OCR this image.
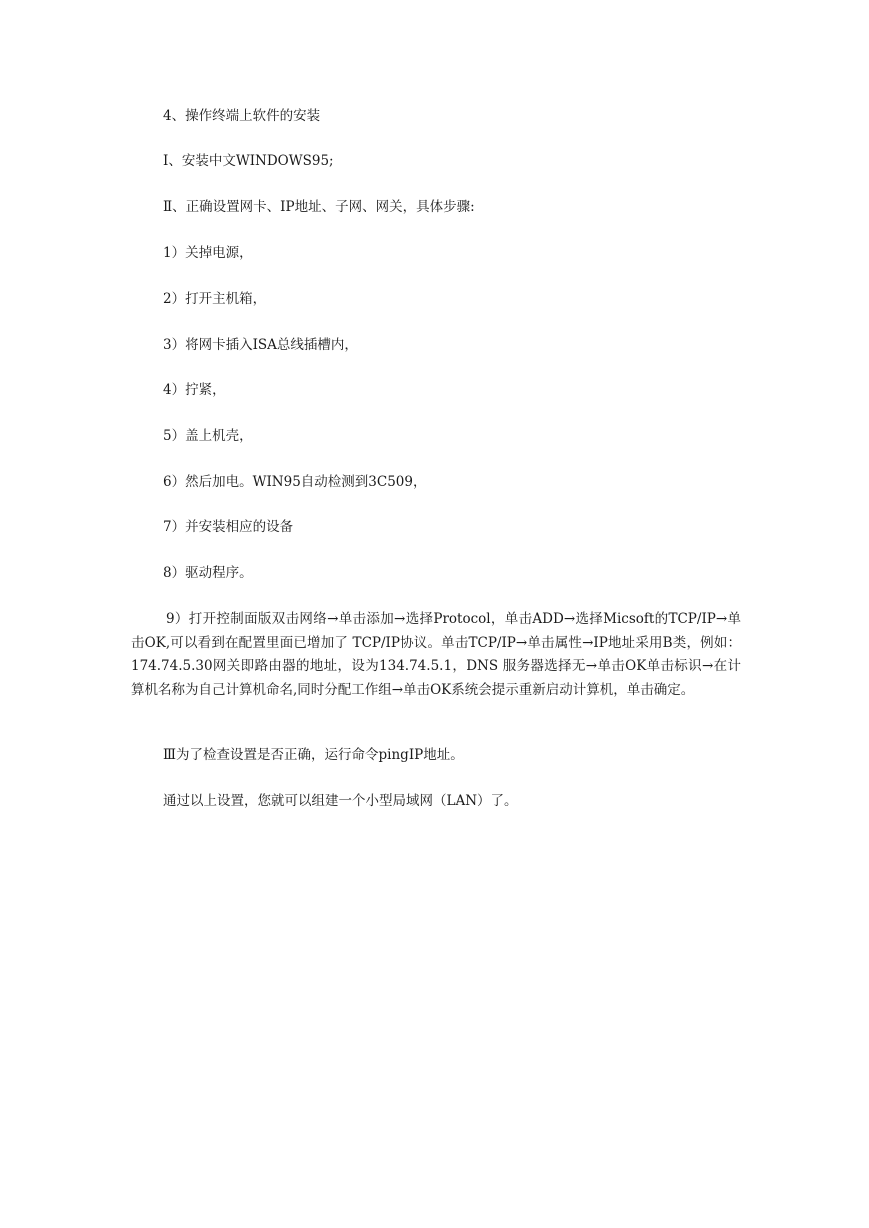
4、操作终端上软件的安装

Ⅰ、安装中文WINDOWS95;

Ⅱ、正确设置网卡、IP地址、子网、网关，具体步骤:

1）关掉电源，

2）打开主机箱，

3）将网卡插入ISA总线插槽内，

4）拧紧，

5）盖上机壳，

6）然后加电。WIN95自动检测到3C509，

7）并安装相应的设备

8）驱动程序。

9）打开控制面版双击网络→单击添加→选择Protocol，单击ADD→选择Micsoft的TCP/IP→单击OK,可以看到在配置里面已增加了 TCP/IP协议。单击TCP/IP→单击属性→IP地址采用B类，例如：174.74.5.30网关即路由器的地址，设为134.74.5.1，DNS 服务器选择无→单击OK单击标识→在计算机名称为自己计算机命名,同时分配工作组→单击OK系统会提示重新启动计算机，单击确定。

Ⅲ为了检查设置是否正确，运行命令pingIP地址。

通过以上设置，您就可以组建一个小型局域网（LAN）了。
